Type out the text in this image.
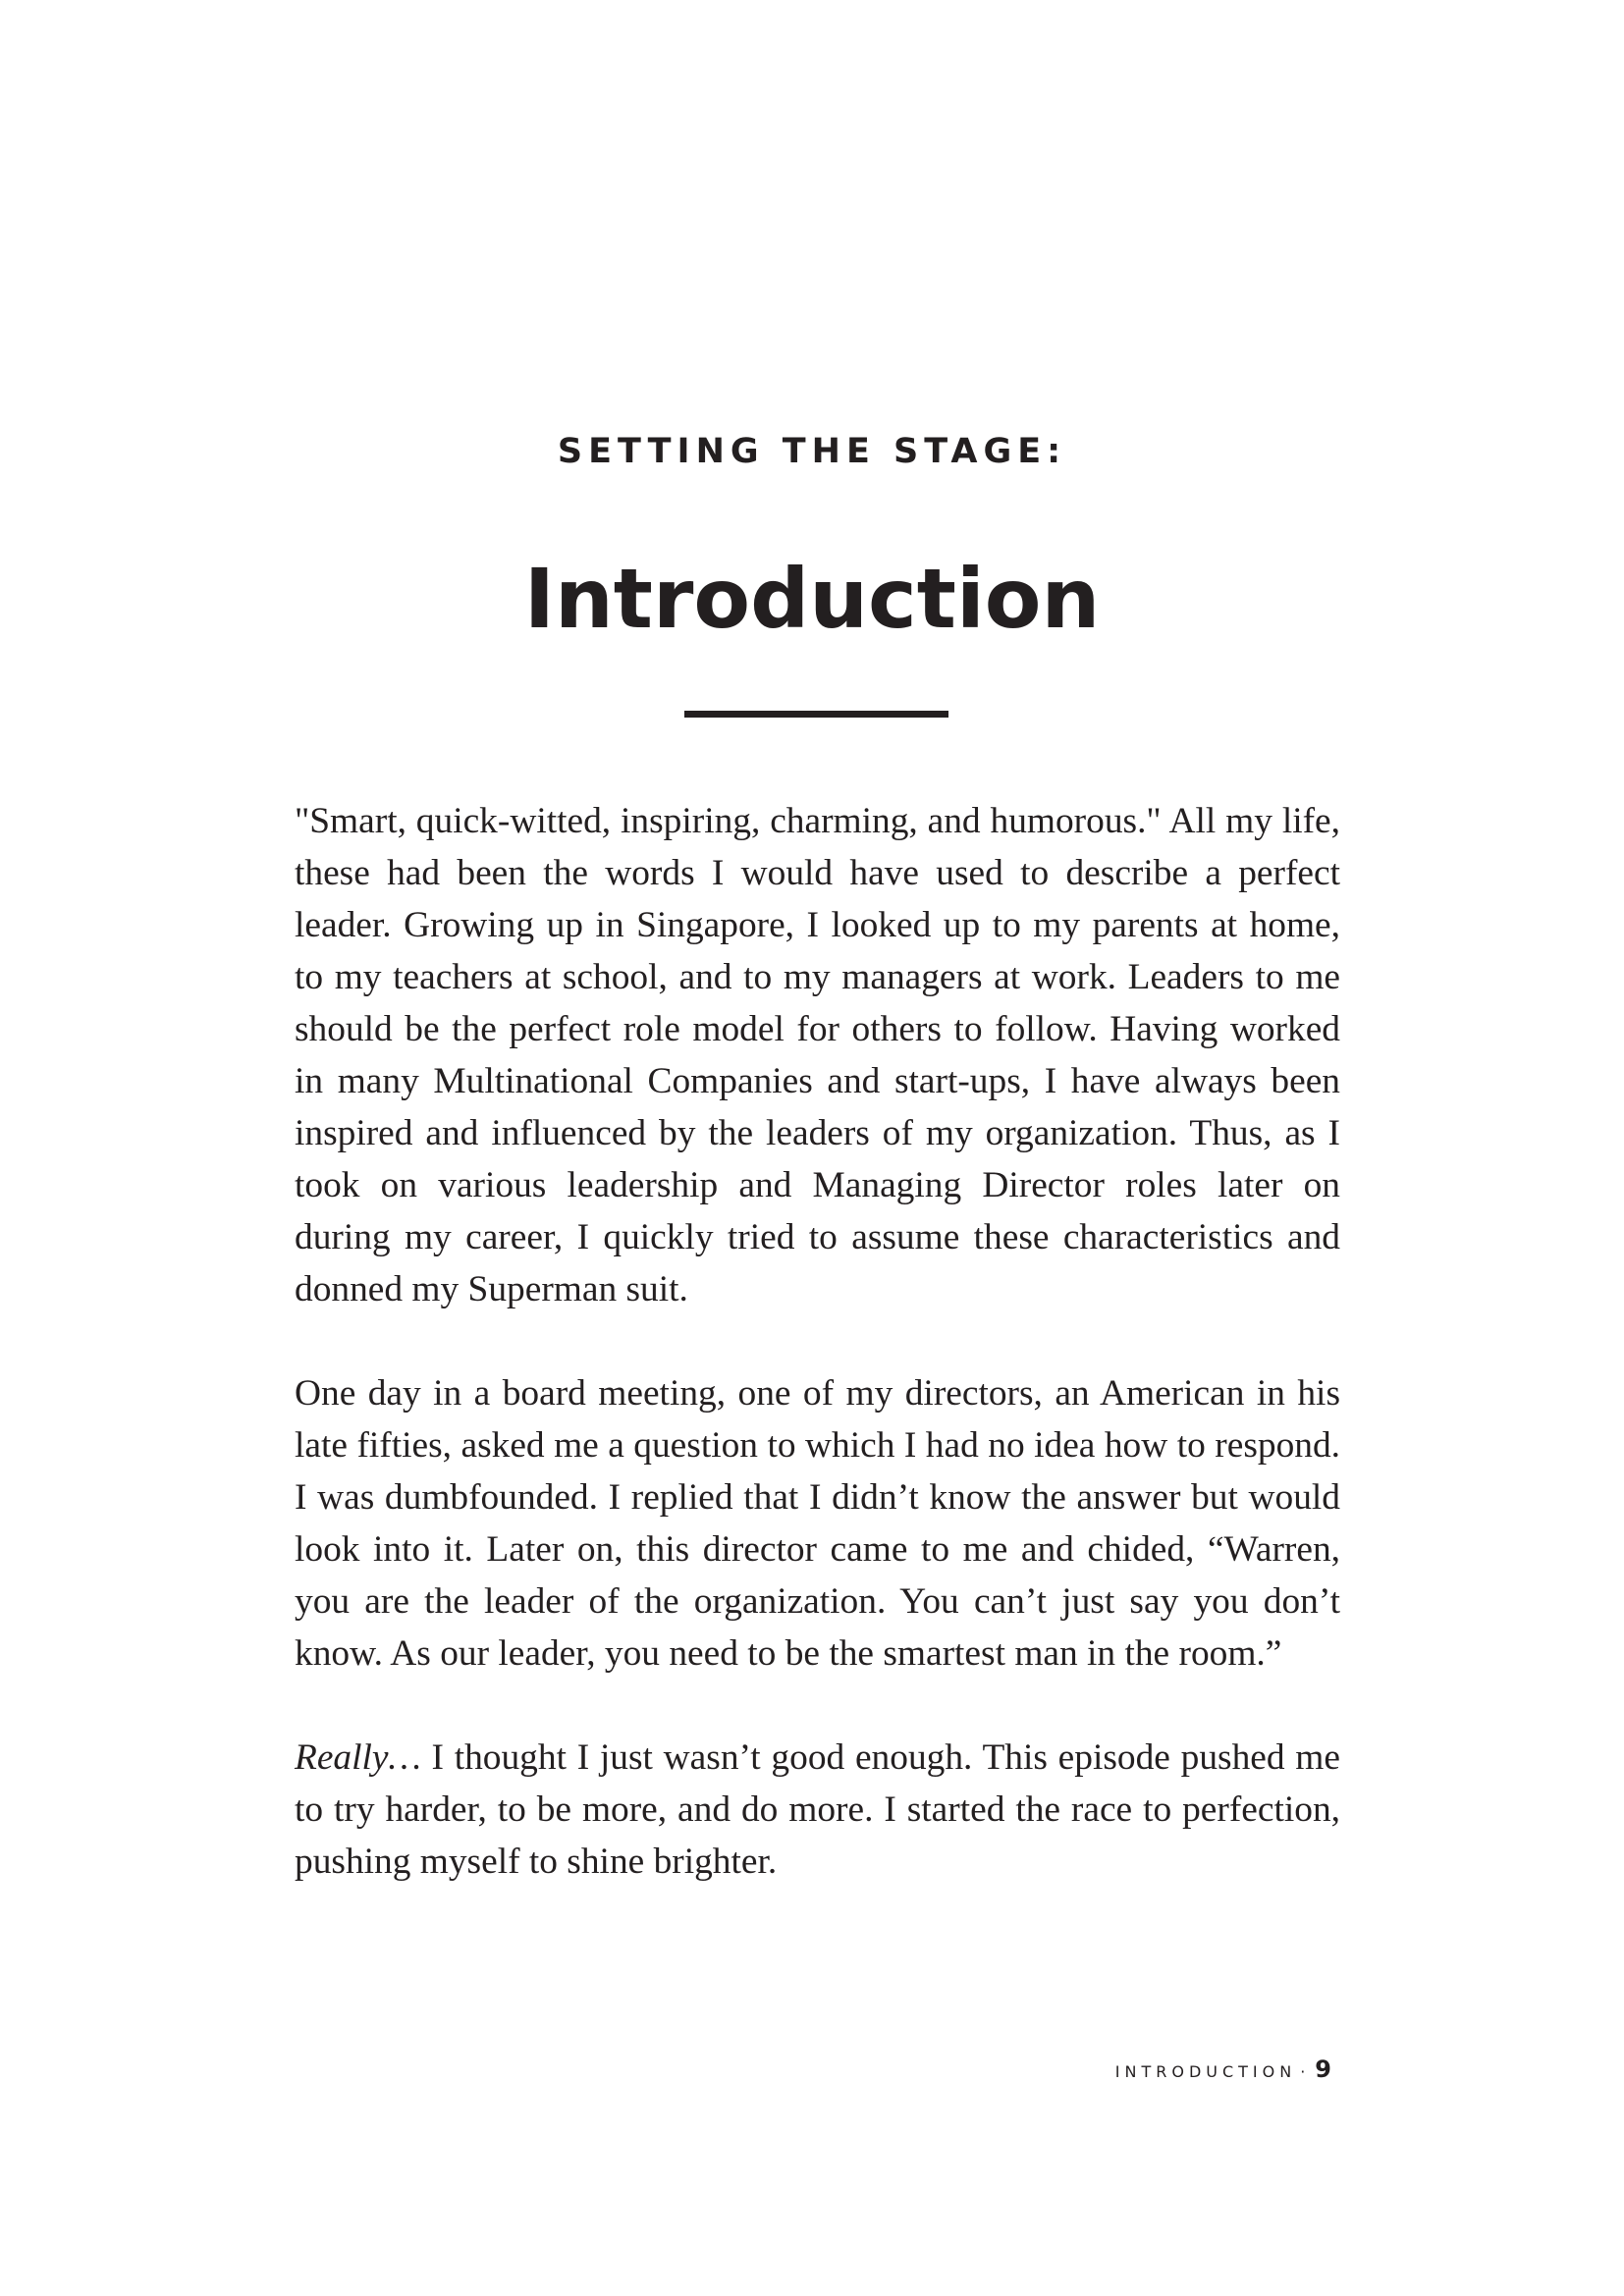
SETTING THE STAGE:
Introduction

"Smart, quick-witted, inspiring, charming, and humorous." All my life, these had been the words I would have used to describe a perfect leader. Growing up in Singapore, I looked up to my parents at home, to my teachers at school, and to my managers at work. Leaders to me should be the perfect role model for others to follow. Having worked in many Multinational Companies and start-ups, I have always been inspired and influenced by the leaders of my organization. Thus, as I took on various leadership and Managing Director roles later on during my career, I quickly tried to assume these characteristics and donned my Superman suit.

One day in a board meeting, one of my directors, an American in his late fifties, asked me a question to which I had no idea how to respond. I was dumbfounded. I replied that I didn’t know the answer but would look into it. Later on, this director came to me and chided, “Warren, you are the leader of the organization. You can’t just say you don’t know. As our leader, you need to be the smartest man in the room.”

Really… I thought I just wasn’t good enough. This episode pushed me to try harder, to be more, and do more. I started the race to perfection, pushing myself to shine brighter.

INTRODUCTION · 9
